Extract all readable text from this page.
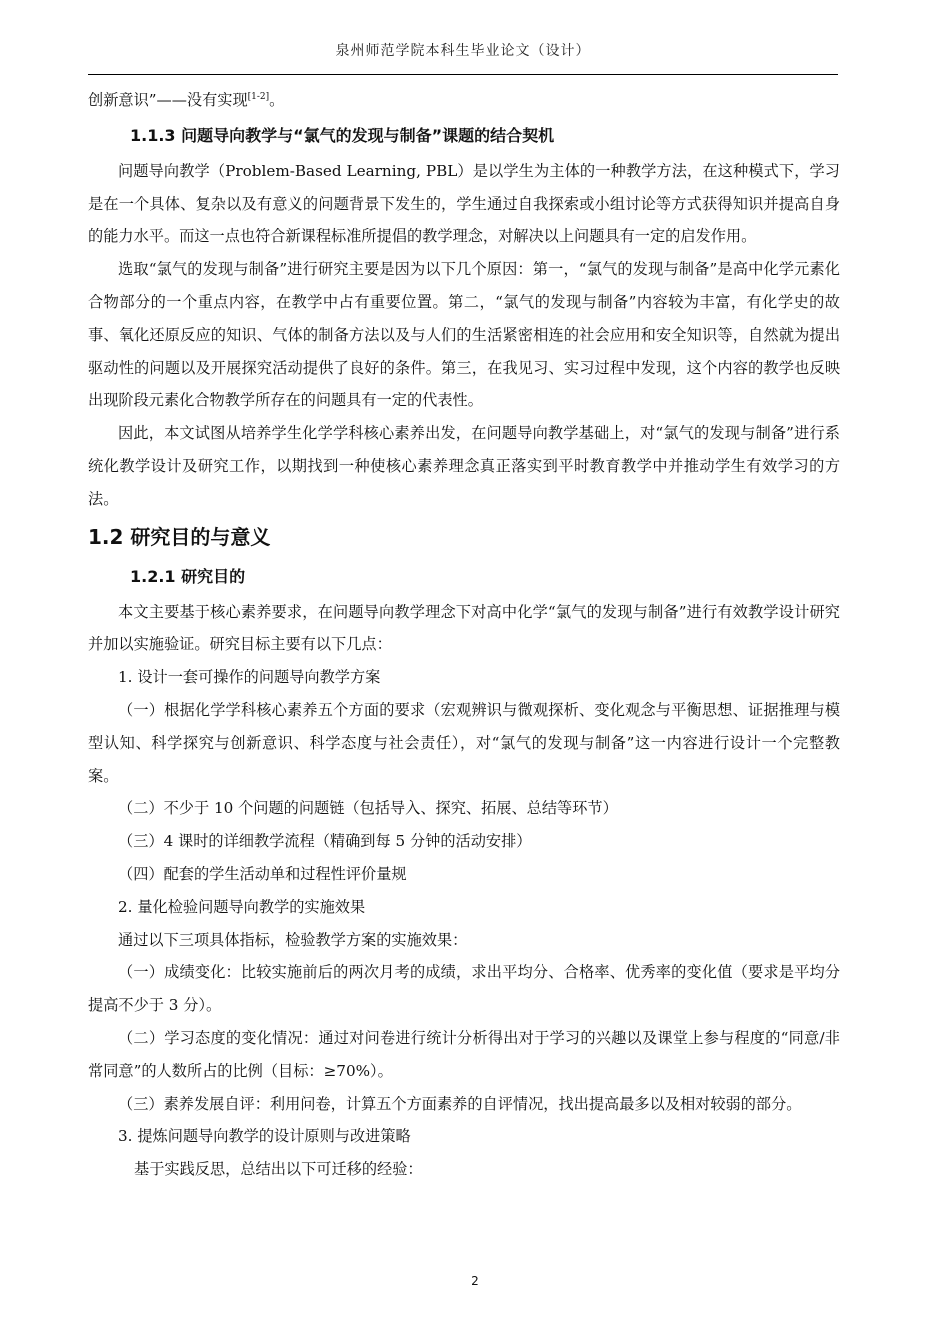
泉州师范学院本科生毕业论文（设计）

创新意识”——没有实现[1-2]。

1.1.3 问题导向教学与“氯气的发现与制备”课题的结合契机

问题导向教学（Problem-Based Learning, PBL）是以学生为主体的一种教学方法，在这种模式下，学习是在一个具体、复杂以及有意义的问题背景下发生的，学生通过自我探索或小组讨论等方式获得知识并提高自身的能力水平。而这一点也符合新课程标准所提倡的教学理念，对解决以上问题具有一定的启发作用。

选取“氯气的发现与制备”进行研究主要是因为以下几个原因：第一，“氯气的发现与制备”是高中化学元素化合物部分的一个重点内容，在教学中占有重要位置。第二，“氯气的发现与制备”内容较为丰富，有化学史的故事、氧化还原反应的知识、气体的制备方法以及与人们的生活紧密相连的社会应用和安全知识等，自然就为提出驱动性的问题以及开展探究活动提供了良好的条件。第三，在我见习、实习过程中发现，这个内容的教学也反映出现阶段元素化合物教学所存在的问题具有一定的代表性。

因此，本文试图从培养学生化学学科核心素养出发，在问题导向教学基础上，对“氯气的发现与制备”进行系统化教学设计及研究工作，以期找到一种使核心素养理念真正落实到平时教育教学中并推动学生有效学习的方法。

1.2 研究目的与意义

1.2.1 研究目的

本文主要基于核心素养要求，在问题导向教学理念下对高中化学“氯气的发现与制备”进行有效教学设计研究并加以实施验证。研究目标主要有以下几点：

1. 设计一套可操作的问题导向教学方案

（一）根据化学学科核心素养五个方面的要求（宏观辨识与微观探析、变化观念与平衡思想、证据推理与模型认知、科学探究与创新意识、科学态度与社会责任），对“氯气的发现与制备”这一内容进行设计一个完整教案。

（二）不少于 10 个问题的问题链（包括导入、探究、拓展、总结等环节）

（三）4 课时的详细教学流程（精确到每 5 分钟的活动安排）

（四）配套的学生活动单和过程性评价量规

2. 量化检验问题导向教学的实施效果

通过以下三项具体指标，检验教学方案的实施效果：

（一）成绩变化：比较实施前后的两次月考的成绩，求出平均分、合格率、优秀率的变化值（要求是平均分提高不少于 3 分）。

（二）学习态度的变化情况：通过对问卷进行统计分析得出对于学习的兴趣以及课堂上参与程度的“同意/非常同意”的人数所占的比例（目标：≥70%）。

（三）素养发展自评：利用问卷，计算五个方面素养的自评情况，找出提高最多以及相对较弱的部分。

3. 提炼问题导向教学的设计原则与改进策略

基于实践反思，总结出以下可迁移的经验：

2
